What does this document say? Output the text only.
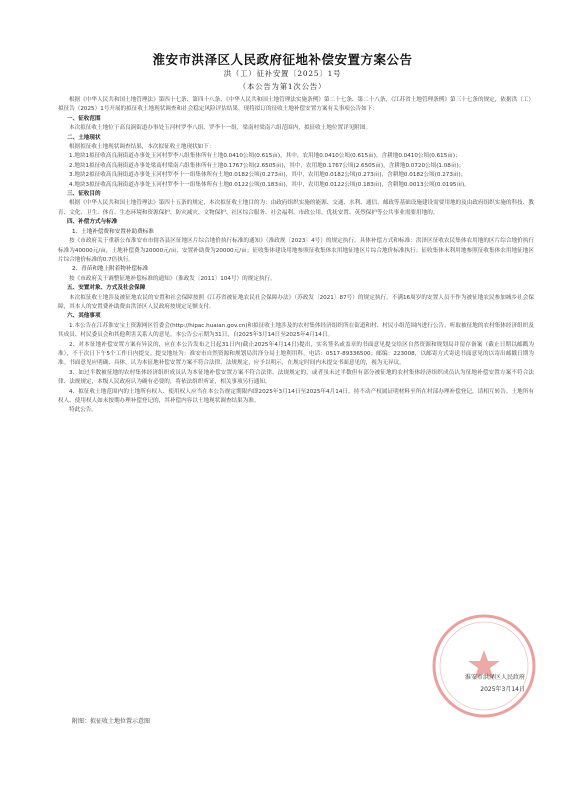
淮安市洪泽区人民政府征地补偿安置方案公告
洪（工）征补安置〔2025〕1号
（本公告为第1次公告）

根据《中华人民共和国土地管理法》第四十七条、第四十八条，《中华人民共和国土地管理法实施条例》第二十七条、第二十八条，《江苏省土地管理条例》第三十七条的规定，依据洪（工）拟征告（2025）1号开展的拟征收土地现状调查和社会稳定风险评估结果，现将拟订的征收土地补偿安置方案有关事项公告如下：

一、征收范围

本次拟征收土地位于高良涧街道办事处玉河村罗李八组、罗李十一组，梁南村梁南六组范围内，拟征收土地位置详见附图。

二、土地现状

根据拟征收土地现状调查结果，本次拟征收土地现状如下：

1.地块1拟征收高良涧街道办事处玉河村罗李八组集体所有土地0.0410公顷(0.615亩)，其中，农用地0.0410公顷(0.615亩)，含耕地0.0410公顷(0.615亩)；

2.地块1拟征收高良涧街道办事处梁南村梁南六组集体所有土地0.1767公顷(2.6505亩)，其中，农用地0.1767公顷(2.6505亩)，含耕地0.0720公顷(1.08亩)；

3.地块2拟征收高良涧街道办事处玉河村罗李十一组集体所有土地0.0182公顷(0.273亩)，其中，农用地0.0182公顷(0.273亩)，含耕地0.0182公顷(0.273亩)；

4.地块3拟征收高良涧街道办事处玉河村罗李十一组集体所有土地0.0122公顷(0.183亩)，其中，农用地0.0122公顷(0.183亩)，含耕地0.0013公顷(0.0195亩)。

三、征收目的

根据《中华人民共和国土地管理法》第四十五条的规定，本次拟征收土地目的为：由政府组织实施的能源、交通、水利、通信、邮政等基础设施建设需要用地的及由政府组织实施的科技、教育、文化、卫生、体育、生态环境和资源保护、防灾减灾、文物保护、社区综合服务、社会福利、市政公用、优抚安置、英烈保护等公共事业需要用地的。

四、补偿方式与标准
1、土地补偿费和安置补助费标准

按《市政府关于重新公布淮安市市辖各县区征地区片综合地价执行标准的通知》（淮政规〔2023〕4号）的规定执行。具体补偿方式和标准：洪泽区征收农民集体农用地的区片综合地价执行标准为40000元/亩，土地补偿费为20000元/亩，安置补助费为20000元/亩；征收集体建设用地参照征收集体农用地征地区片综合地价标准执行；征收集体未利用地参照征收集体农用地征地区片综合地价标准的0.7倍执行。

2、青苗和地上附着物补偿标准

按《市政府关于调整征地补偿标准的通知》（淮政发〔2011〕104号）的规定执行。

五、安置对象、方式及社会保障

本次拟征收土地涉及被征地农民的安置和社会保障按照《江苏省被征地农民社会保障办法》（苏政发〔2021〕87号）的规定执行。不满16周岁的安置人员不作为被征地农民参加城乡社会保障，其本人的安置费补助费由洪泽区人民政府按规定足额支付。

六、其他事项

1.本公告在江苏淮安宝土资源网区管委会(http://hipac.huaian.gov.cn)和拟征收土地涉及的农村集体经济组织所在街道和村、村民小组范围内进行公告，听取被征地的农村集体经济组织及其成员、村民委员会和其他利害关系人的意见。本公告公示期为31日，自2025年3月14日至2025年4月14日。

2、对本征地补偿安置方案有异议的，应在本公告发布之日起31日内(截止2025年4月14日)提出，实名签名或盖章的书面意见提交给区自然资源和规划局并留存备案（截止日期以邮戳为准），不于次日下午5个工作日内提交。提交地址为：淮安市自然资源和规划局洪泽分局土地利用科，电话：0517-89336500；邮编：223008，以邮寄方式寄送书面意见的以寄出邮戳日期为准。书面意见应明确、具体，认为本征地补偿安置方案不符合法律、法规规定，应予以明示，在规定时间内未提交书面意见的，视为无异议。

3、如过半数被征地的农村集体经济组织成员认为本征地补偿安置方案不符合法律、法规规定的，或者虽未过半数但有部分被征地的农村集体经济组织成员认为征地补偿安置方案不符合法律、法规规定，本级人民政府认为确有必要的，将依法组织听证，相关事项另行通知。

4、拟征收土地范围内的土地所有权人、使用权人应当在本公告规定期限内即2025年3月14日至2025年4月14日，持不动产权属证明材料至所在村部办理补偿登记，请相互转告。土地所有权人、使用权人如未按期办理补偿登记的，其补偿内容以土地现状调查结果为准。

特此公告。

淮安市洪泽区人民政府
2025年3月14日
附图：拟征收土地位置示意图
